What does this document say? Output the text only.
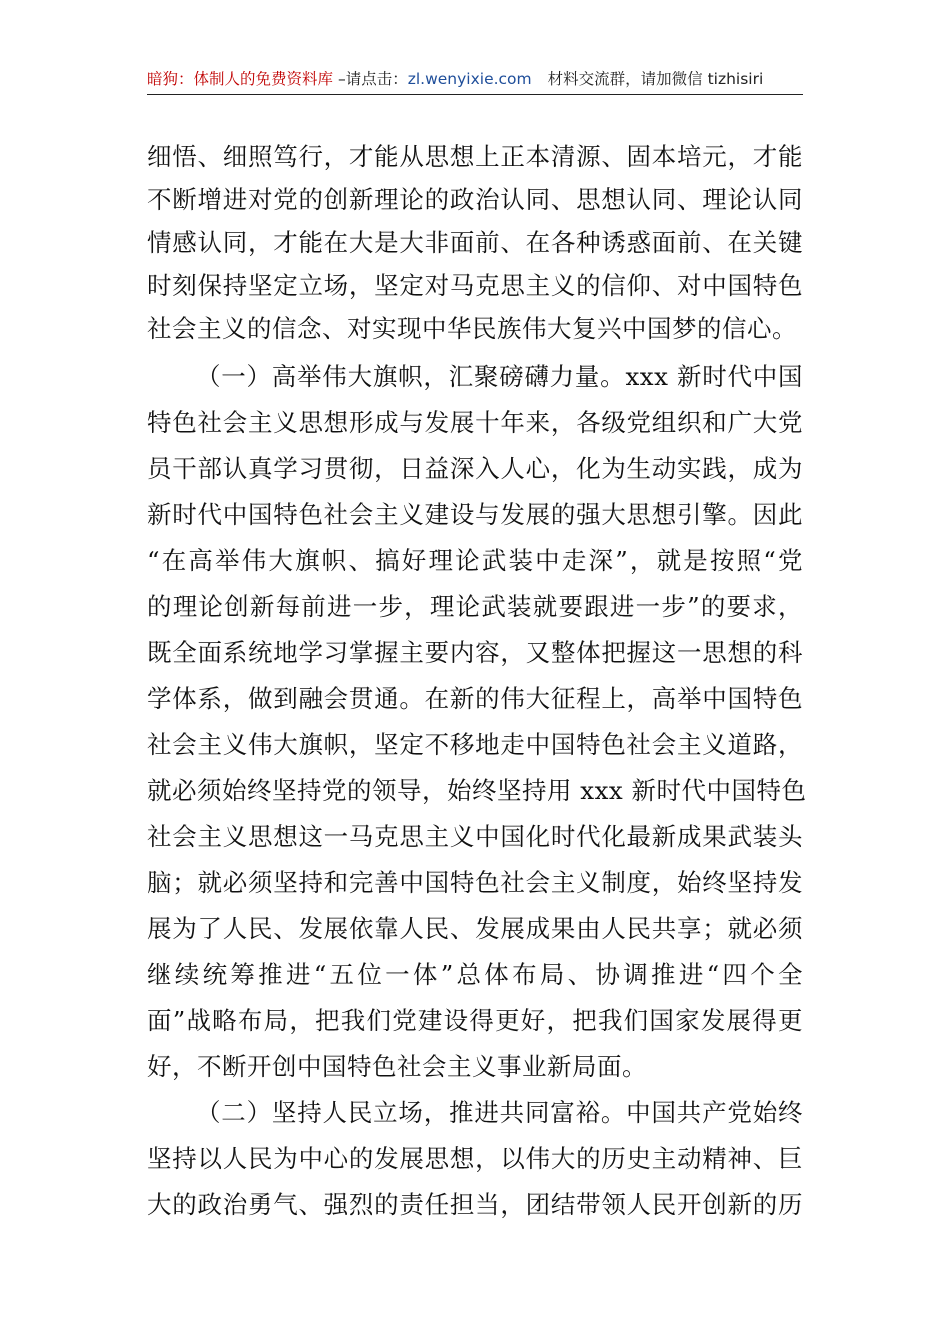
暗狗：体制人的免费资料库 –请点击：zl.wenyixie.com 材料交流群，请加微信 tizhisiri
细悟、细照笃行，才能从思想上正本清源、固本培元，才能
不断增进对党的创新理论的政治认同、思想认同、理论认同
情感认同，才能在大是大非面前、在各种诱惑面前、在关键
时刻保持坚定立场，坚定对马克思主义的信仰、对中国特色
社会主义的信念、对实现中华民族伟大复兴中国梦的信心。
（一）高举伟大旗帜，汇聚磅礴力量。xxx 新时代中国
特色社会主义思想形成与发展十年来，各级党组织和广大党
员干部认真学习贯彻，日益深入人心，化为生动实践，成为
新时代中国特色社会主义建设与发展的强大思想引擎。因此
“在高举伟大旗帜、搞好理论武装中走深”，就是按照“党
的理论创新每前进一步，理论武装就要跟进一步”的要求，
既全面系统地学习掌握主要内容，又整体把握这一思想的科
学体系，做到融会贯通。在新的伟大征程上，高举中国特色
社会主义伟大旗帜，坚定不移地走中国特色社会主义道路，
就必须始终坚持党的领导，始终坚持用 xxx 新时代中国特色
社会主义思想这一马克思主义中国化时代化最新成果武装头
脑；就必须坚持和完善中国特色社会主义制度，始终坚持发
展为了人民、发展依靠人民、发展成果由人民共享；就必须
继续统筹推进“五位一体”总体布局、协调推进“四个全
面”战略布局，把我们党建设得更好，把我们国家发展得更
好，不断开创中国特色社会主义事业新局面。
（二）坚持人民立场，推进共同富裕。中国共产党始终
坚持以人民为中心的发展思想，以伟大的历史主动精神、巨
大的政治勇气、强烈的责任担当，团结带领人民开创新的历
